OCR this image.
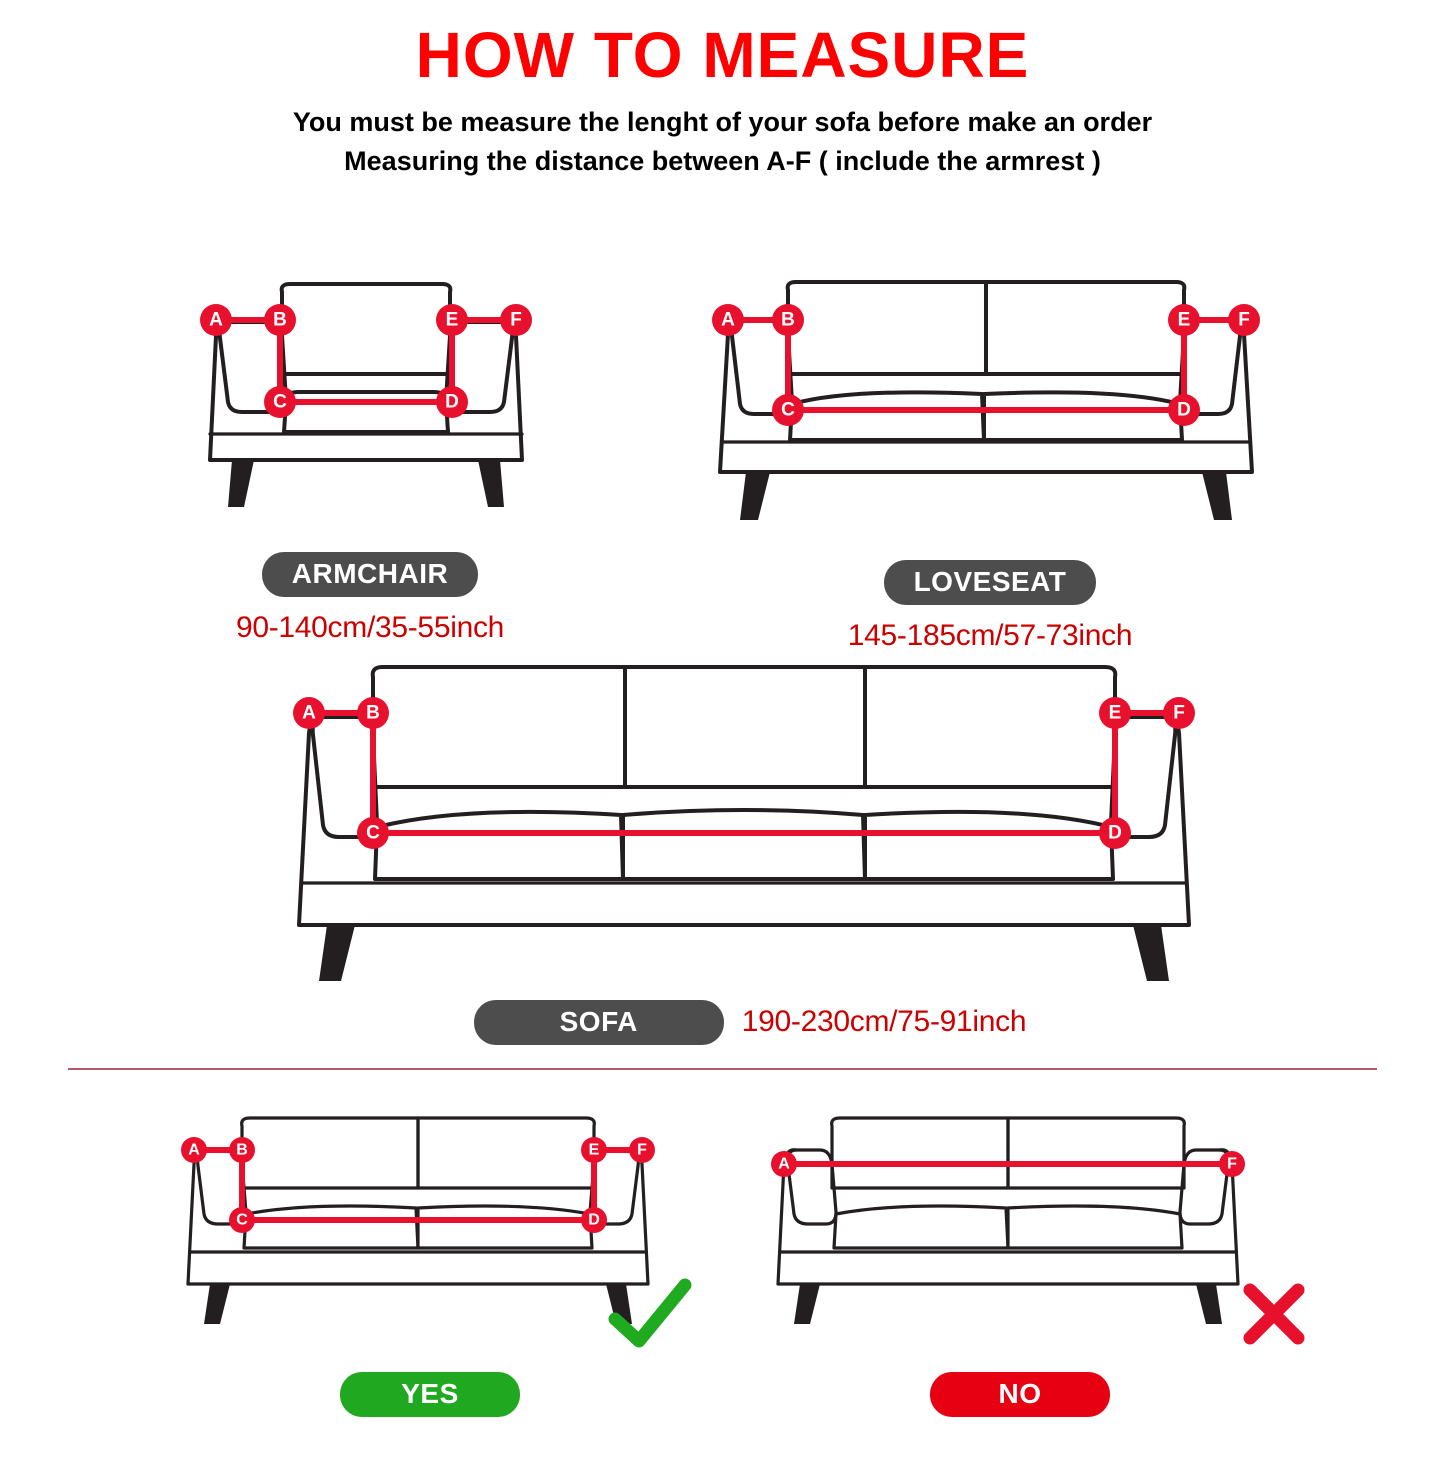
HOW TO MEASURE
You must be measure the lenght of your sofa before make an order
Measuring the distance between A-F ( include the armrest )
A	B
C	D
E	F
ARMCHAIR
90-140cm/35-55inch
A B
C	D
E	F
LOVESEAT
145-185cm/57-73inch
A	B
C	D
E	F
SOFA	190-230cm/75-91inch
A B
C	D
E F
YES
A	F
NO
